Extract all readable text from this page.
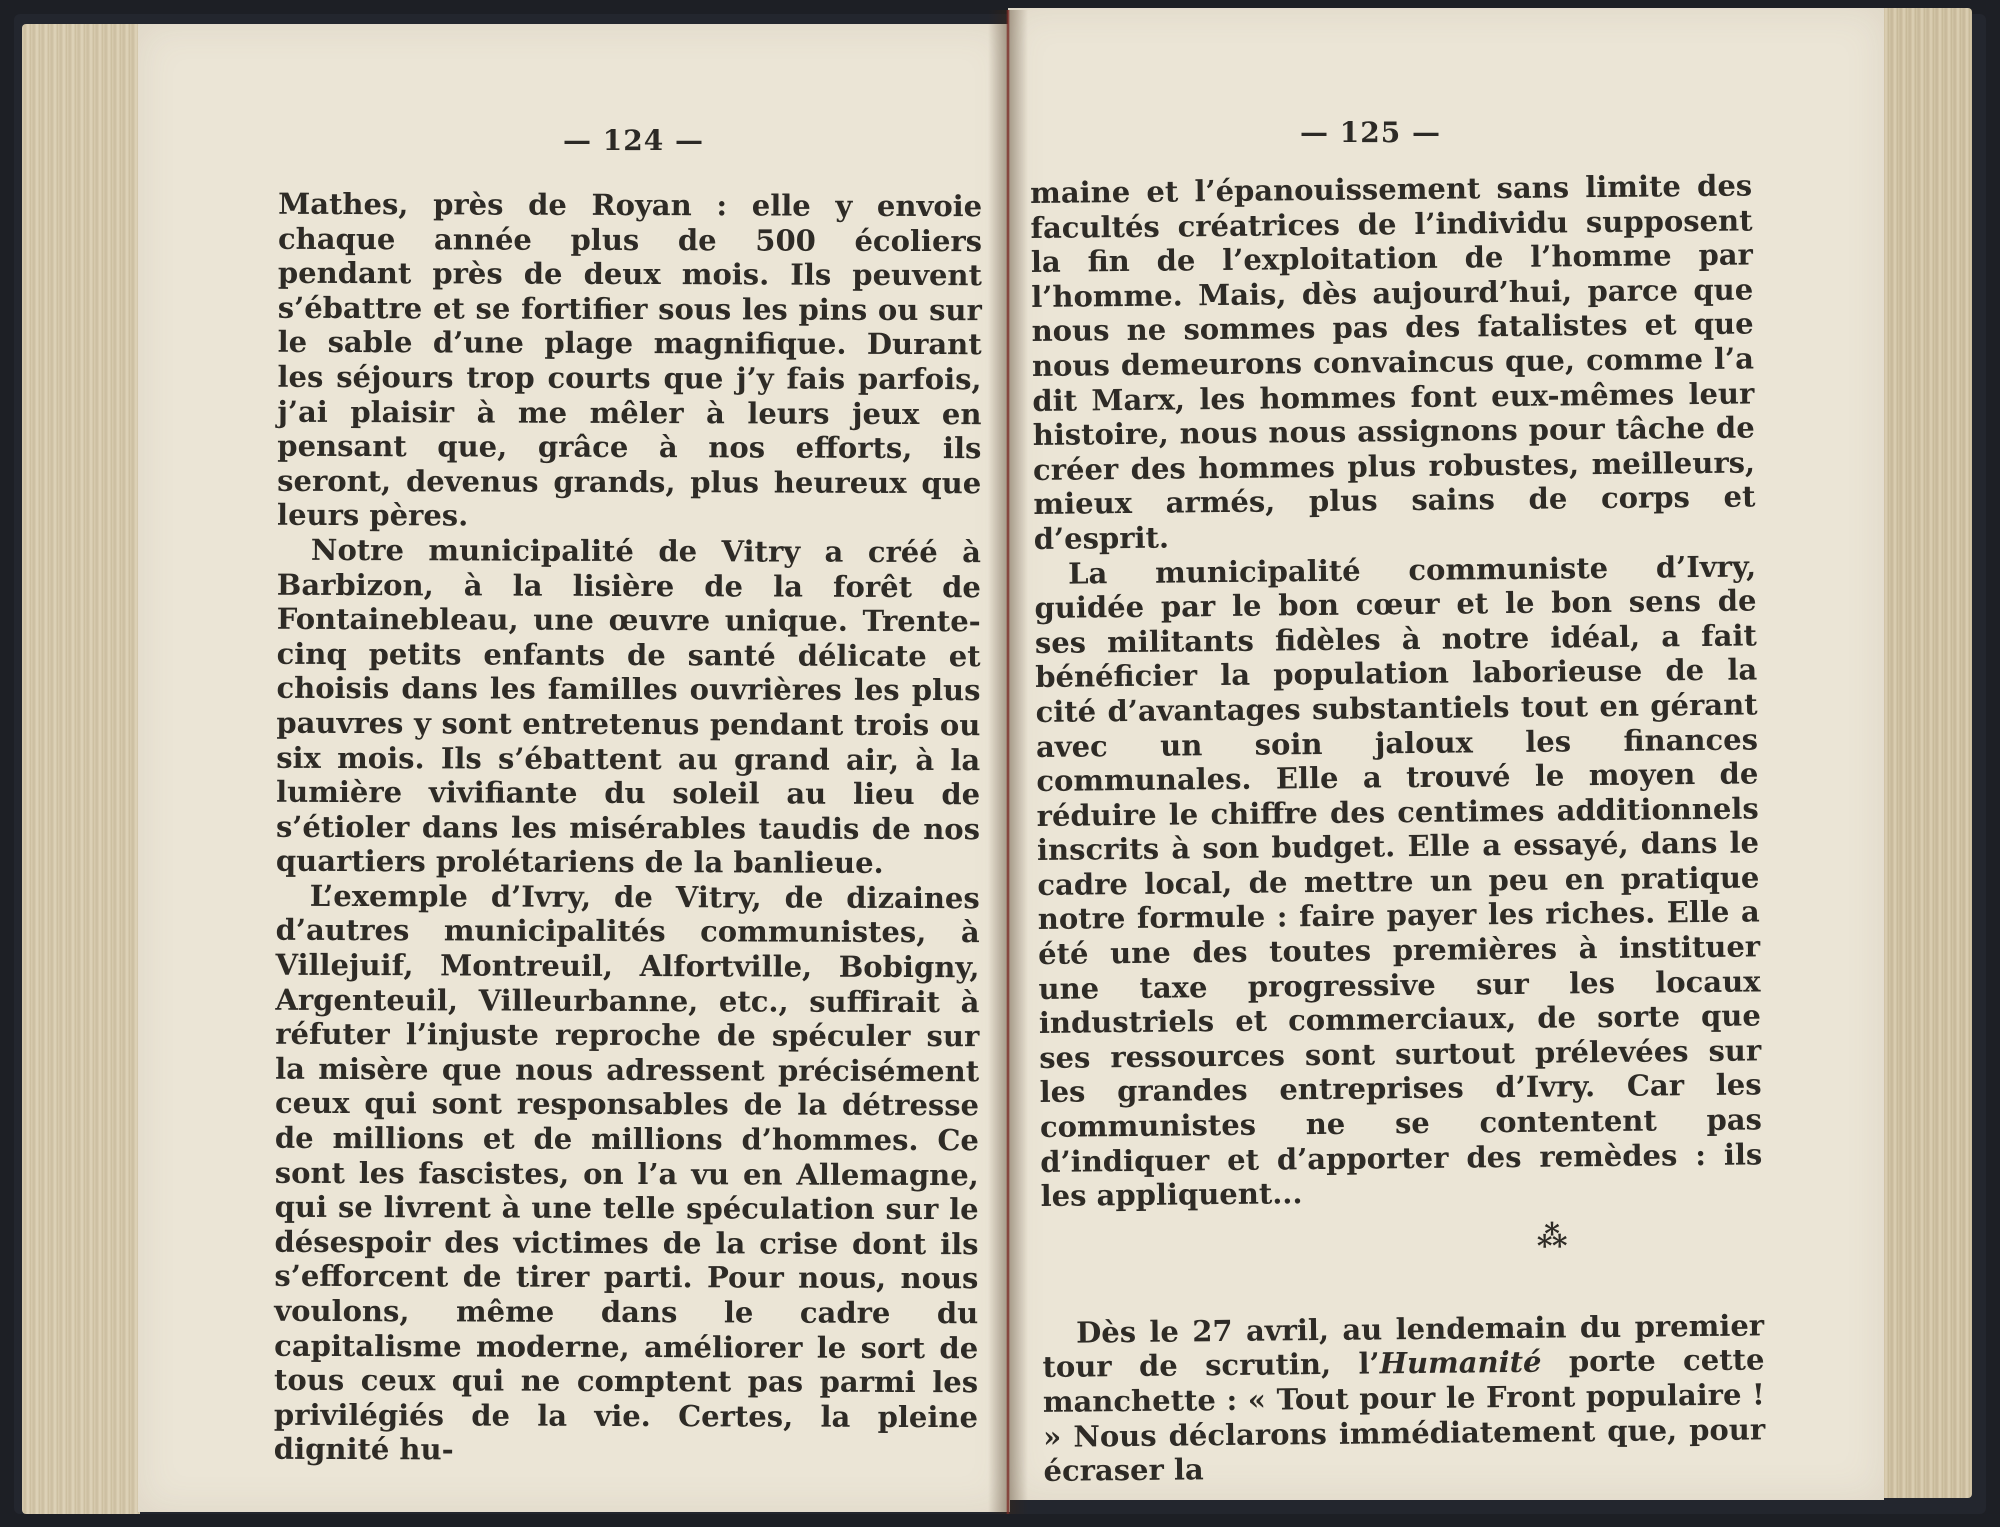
— 124 —	— 125 —

Mathes, près de Royan : elle y envoie chaque année plus de 500 écoliers pendant près de deux mois. Ils peuvent s’ébattre et se fortifier sous les pins ou sur le sable d’une plage magnifique. Durant les séjours trop courts que j’y fais parfois, j’ai plaisir à me mêler à leurs jeux en pensant que, grâce à nos efforts, ils seront, devenus grands, plus heureux que leurs pères.

Notre municipalité de Vitry a créé à Barbizon, à la lisière de la forêt de Fontainebleau, une œuvre unique. Trente-cinq petits enfants de santé délicate et choisis dans les familles ouvrières les plus pauvres y sont entretenus pendant trois ou six mois. Ils s’ébattent au grand air, à la lumière vivifiante du soleil au lieu de s’étioler dans les misérables taudis de nos quartiers prolétariens de la banlieue.

L’exemple d’Ivry, de Vitry, de dizaines d’autres municipalités communistes, à Villejuif, Montreuil, Alfortville, Bobigny, Argenteuil, Villeurbanne, etc., suffirait à réfuter l’injuste reproche de spéculer sur la misère que nous adressent précisément ceux qui sont responsables de la détresse de millions et de millions d’hommes. Ce sont les fascistes, on l’a vu en Allemagne, qui se livrent à une telle spéculation sur le désespoir des victimes de la crise dont ils s’efforcent de tirer parti. Pour nous, nous voulons, même dans le cadre du capitalisme moderne, améliorer le sort de tous ceux qui ne comptent pas parmi les privilégiés de la vie. Certes, la pleine dignité hu-

maine et l’épanouissement sans limite des facultés créatrices de l’individu supposent la fin de l’exploitation de l’homme par l’homme. Mais, dès aujourd’hui, parce que nous ne sommes pas des fatalistes et que nous demeurons convaincus que, comme l’a dit Marx, les hommes font eux-mêmes leur histoire, nous nous assignons pour tâche de créer des hommes plus robustes, meilleurs, mieux armés, plus sains de corps et d’esprit.

La municipalité communiste d’Ivry, guidée par le bon cœur et le bon sens de ses militants fidèles à notre idéal, a fait bénéficier la population laborieuse de la cité d’avantages substantiels tout en gérant avec un soin jaloux les finances communales. Elle a trouvé le moyen de réduire le chiffre des centimes additionnels inscrits à son budget. Elle a essayé, dans le cadre local, de mettre un peu en pratique notre formule : faire payer les riches. Elle a été une des toutes premières à instituer une taxe progressive sur les locaux industriels et commerciaux, de sorte que ses ressources sont surtout prélevées sur les grandes entreprises d’Ivry. Car les communistes ne se contentent pas d’indiquer et d’apporter des remèdes : ils les appliquent...

⁂

Dès le 27 avril, au lendemain du premier tour de scrutin, l’Humanité porte cette manchette : « Tout pour le Front populaire ! » Nous déclarons immédiatement que, pour écraser la
